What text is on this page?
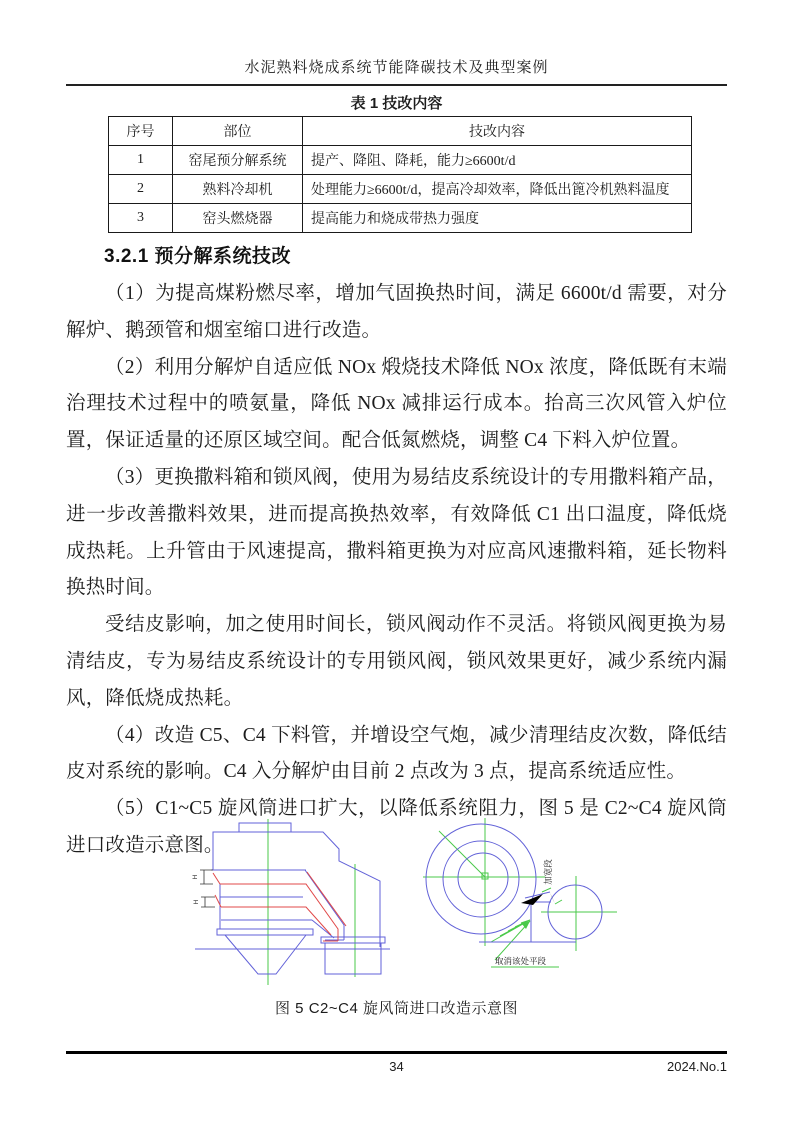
水泥熟料烧成系统节能降碳技术及典型案例
表 1 技改内容
序号	部位	技改内容
1	窑尾预分解系统	提产、降阻、降耗，能力≥6600t/d
2	熟料冷却机	处理能力≥6600t/d，提高冷却效率，降低出篦冷机熟料温度
3	窑头燃烧器	提高能力和烧成带热力强度
3.2.1 预分解系统技改

（1）为提高煤粉燃尽率，增加气固换热时间，满足 6600t/d 需要，对分解炉、鹅颈管和烟室缩口进行改造。

（2）利用分解炉自适应低 NOx 煅烧技术降低 NOx 浓度，降低既有末端治理技术过程中的喷氨量，降低 NOx 减排运行成本。抬高三次风管入炉位置，保证适量的还原区域空间。配合低氮燃烧，调整 C4 下料入炉位置。

（3）更换撒料箱和锁风阀，使用为易结皮系统设计的专用撒料箱产品，进一步改善撒料效果，进而提高换热效率，有效降低 C1 出口温度，降低烧成热耗。上升管由于风速提高，撒料箱更换为对应高风速撒料箱，延长物料换热时间。

受结皮影响，加之使用时间长，锁风阀动作不灵活。将锁风阀更换为易清结皮，专为易结皮系统设计的专用锁风阀，锁风效果更好，减少系统内漏风，降低烧成热耗。

（4）改造 C5、C4 下料管，并增设空气炮，减少清理结皮次数，降低结皮对系统的影响。C4 入分解炉由目前 2 点改为 3 点，提高系统适应性。

（5）C1~C5 旋风筒进口扩大，以降低系统阻力，图 5 是 C2~C4 旋风筒进口改造示意图。

H
H
加宽段
取消该处平段
图 5 C2~C4 旋风筒进口改造示意图
34	2024.No.1
